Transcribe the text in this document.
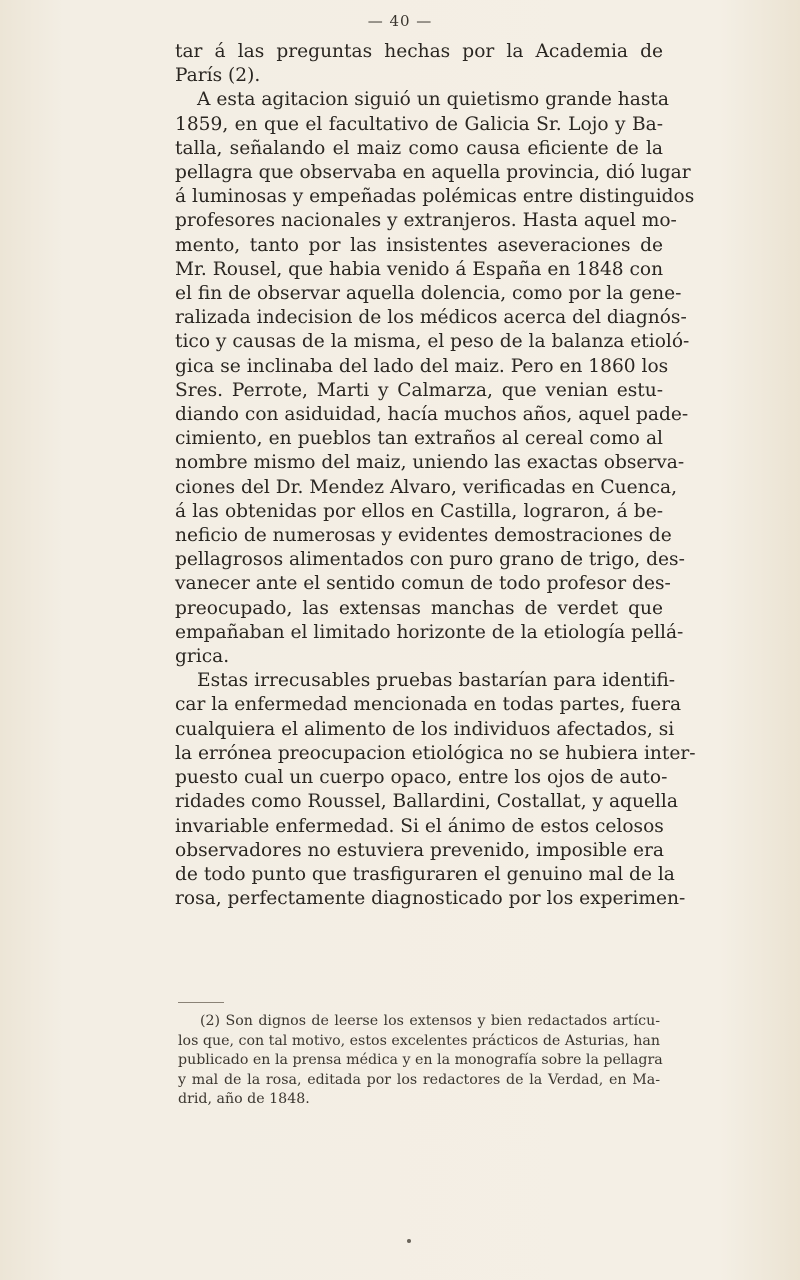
— 40 —
tar á las preguntas hechas por la Academia de
París (2).
A esta agitacion siguió un quietismo grande hasta
1859, en que el facultativo de Galicia Sr. Lojo y Ba-
talla, señalando el maiz como causa eficiente de la
pellagra que observaba en aquella provincia, dió lugar
á luminosas y empeñadas polémicas entre distinguidos
profesores nacionales y extranjeros. Hasta aquel mo-
mento, tanto por las insistentes aseveraciones de
Mr. Rousel, que habia venido á España en 1848 con
el fin de observar aquella dolencia, como por la gene-
ralizada indecision de los médicos acerca del diagnós-
tico y causas de la misma, el peso de la balanza etioló-
gica se inclinaba del lado del maiz. Pero en 1860 los
Sres. Perrote, Marti y Calmarza, que venian estu-
diando con asiduidad, hacía muchos años, aquel pade-
cimiento, en pueblos tan extraños al cereal como al
nombre mismo del maiz, uniendo las exactas observa-
ciones del Dr. Mendez Alvaro, verificadas en Cuenca,
á las obtenidas por ellos en Castilla, lograron, á be-
neficio de numerosas y evidentes demostraciones de
pellagrosos alimentados con puro grano de trigo, des-
vanecer ante el sentido comun de todo profesor des-
preocupado, las extensas manchas de verdet que
empañaban el limitado horizonte de la etiología pellá-
grica.
Estas irrecusables pruebas bastarían para identifi-
car la enfermedad mencionada en todas partes, fuera
cualquiera el alimento de los individuos afectados, si
la errónea preocupacion etiológica no se hubiera inter-
puesto cual un cuerpo opaco, entre los ojos de auto-
ridades como Roussel, Ballardini, Costallat, y aquella
invariable enfermedad. Si el ánimo de estos celosos
observadores no estuviera prevenido, imposible era
de todo punto que trasfiguraren el genuino mal de la
rosa, perfectamente diagnosticado por los experimen-
(2) Son dignos de leerse los extensos y bien redactados artícu-
los que, con tal motivo, estos excelentes prácticos de Asturias, han
publicado en la prensa médica y en la monografía sobre la pellagra
y mal de la rosa, editada por los redactores de la Verdad, en Ma-
drid, año de 1848.
